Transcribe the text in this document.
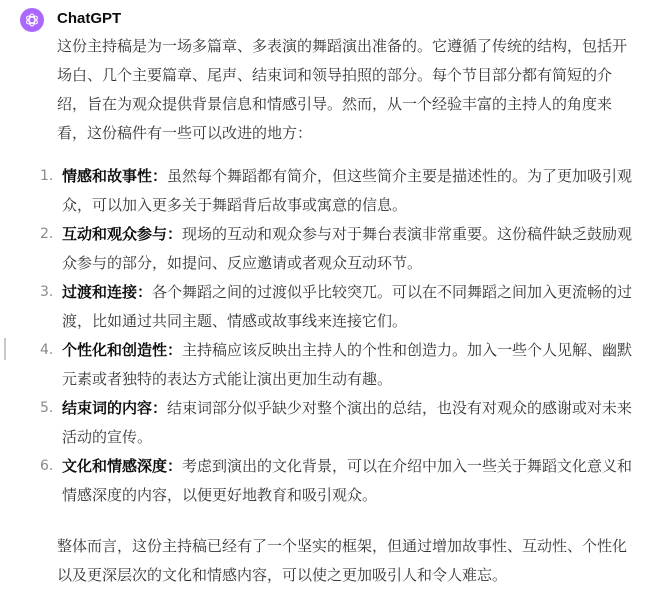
ChatGPT

这份主持稿是为一场多篇章、多表演的舞蹈演出准备的。它遵循了传统的结构，包括开场白、几个主要篇章、尾声、结束词和领导拍照的部分。每个节目部分都有简短的介绍，旨在为观众提供背景信息和情感引导。然而，从一个经验丰富的主持人的角度来看，这份稿件有一些可以改进的地方：

1. 情感和故事性：虽然每个舞蹈都有简介，但这些简介主要是描述性的。为了更加吸引观众，可以加入更多关于舞蹈背后故事或寓意的信息。
2. 互动和观众参与：现场的互动和观众参与对于舞台表演非常重要。这份稿件缺乏鼓励观众参与的部分，如提问、反应邀请或者观众互动环节。
3. 过渡和连接：各个舞蹈之间的过渡似乎比较突兀。可以在不同舞蹈之间加入更流畅的过渡，比如通过共同主题、情感或故事线来连接它们。
4. 个性化和创造性：主持稿应该反映出主持人的个性和创造力。加入一些个人见解、幽默元素或者独特的表达方式能让演出更加生动有趣。
5. 结束词的内容：结束词部分似乎缺少对整个演出的总结，也没有对观众的感谢或对未来活动的宣传。
6. 文化和情感深度：考虑到演出的文化背景，可以在介绍中加入一些关于舞蹈文化意义和情感深度的内容，以便更好地教育和吸引观众。

整体而言，这份主持稿已经有了一个坚实的框架，但通过增加故事性、互动性、个性化以及更深层次的文化和情感内容，可以使之更加吸引人和令人难忘。
